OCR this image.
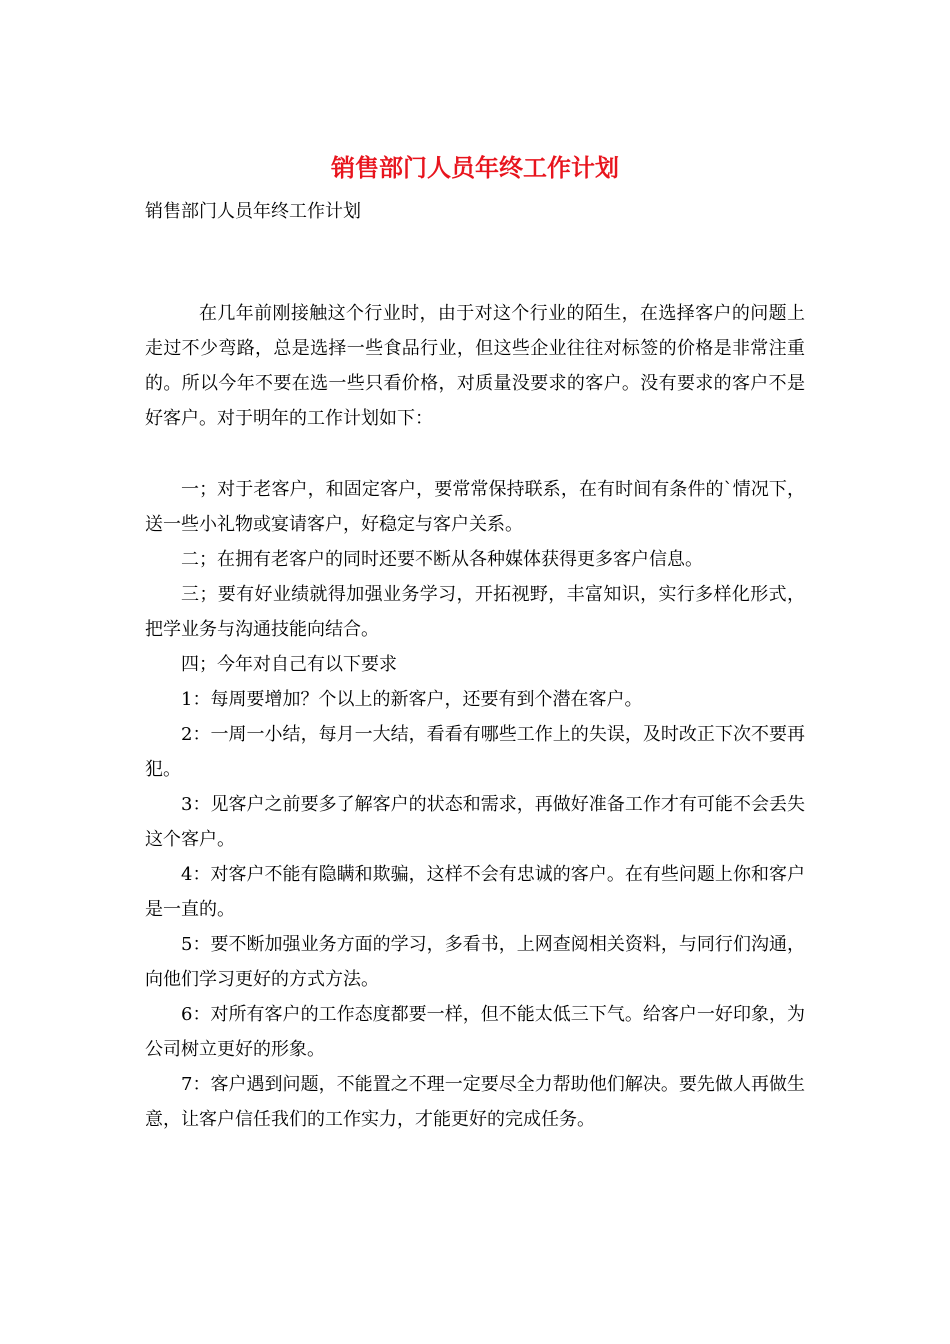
销售部门人员年终工作计划
销售部门人员年终工作计划

在几年前刚接触这个行业时，由于对这个行业的陌生，在选择客户的问题上走过不少弯路，总是选择一些食品行业，但这些企业往往对标签的价格是非常注重的。所以今年不要在选一些只看价格，对质量没要求的客户。没有要求的客户不是好客户。对于明年的工作计划如下：

一；对于老客户，和固定客户，要常常保持联系，在有时间有条件的`情况下，送一些小礼物或宴请客户，好稳定与客户关系。

二；在拥有老客户的同时还要不断从各种媒体获得更多客户信息。

三；要有好业绩就得加强业务学习，开拓视野，丰富知识，实行多样化形式，把学业务与沟通技能向结合。

四；今年对自己有以下要求

1：每周要增加？个以上的新客户，还要有到个潜在客户。

2：一周一小结，每月一大结，看看有哪些工作上的失误，及时改正下次不要再犯。

3：见客户之前要多了解客户的状态和需求，再做好准备工作才有可能不会丢失这个客户。

4：对客户不能有隐瞒和欺骗，这样不会有忠诚的客户。在有些问题上你和客户是一直的。

5：要不断加强业务方面的学习，多看书，上网查阅相关资料，与同行们沟通，向他们学习更好的方式方法。

6：对所有客户的工作态度都要一样，但不能太低三下气。给客户一好印象，为公司树立更好的形象。

7：客户遇到问题，不能置之不理一定要尽全力帮助他们解决。要先做人再做生意，让客户信任我们的工作实力，才能更好的完成任务。
